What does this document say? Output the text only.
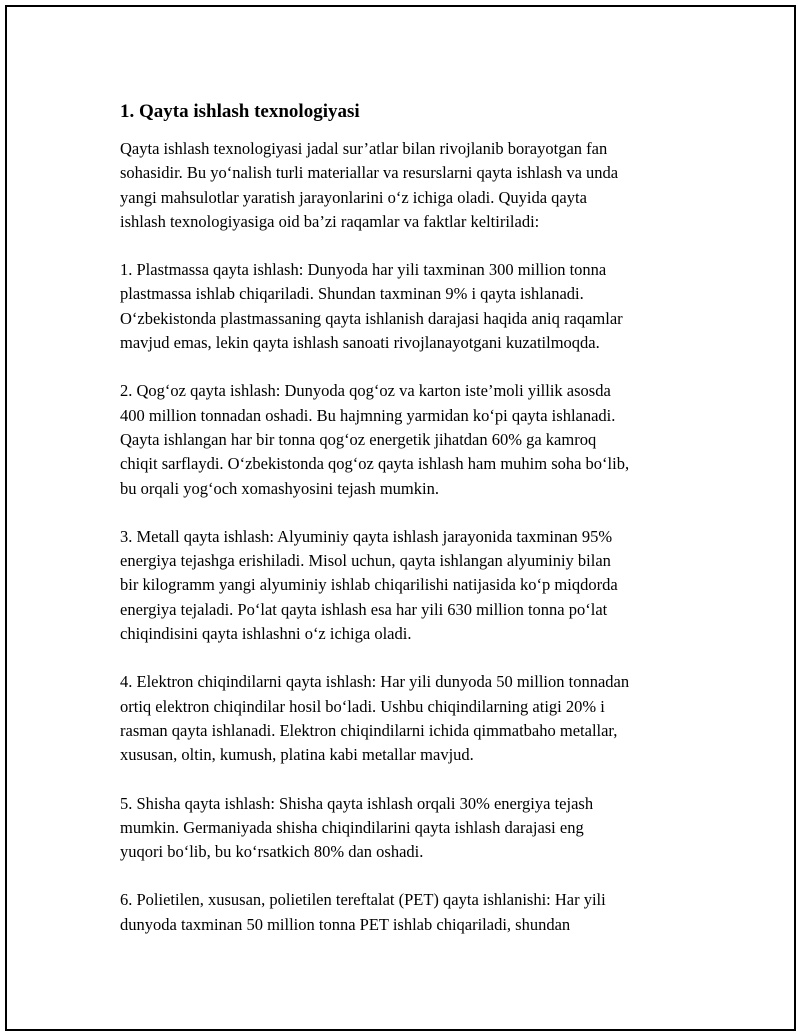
1. Qayta ishlash texnologiyasi

Qayta ishlash texnologiyasi jadal sur’atlar bilan rivojlanib borayotgan fan
sohasidir. Bu yo‘nalish turli materiallar va resurslarni qayta ishlash va unda
yangi mahsulotlar yaratish jarayonlarini o‘z ichiga oladi. Quyida qayta
ishlash texnologiyasiga oid ba’zi raqamlar va faktlar keltiriladi:

1. Plastmassa qayta ishlash: Dunyoda har yili taxminan 300 million tonna
plastmassa ishlab chiqariladi. Shundan taxminan 9% i qayta ishlanadi.
O‘zbekistonda plastmassaning qayta ishlanish darajasi haqida aniq raqamlar
mavjud emas, lekin qayta ishlash sanoati rivojlanayotgani kuzatilmoqda.

2. Qog‘oz qayta ishlash: Dunyoda qog‘oz va karton iste’moli yillik asosda
400 million tonnadan oshadi. Bu hajmning yarmidan ko‘pi qayta ishlanadi.
Qayta ishlangan har bir tonna qog‘oz energetik jihatdan 60% ga kamroq
chiqit sarflaydi. O‘zbekistonda qog‘oz qayta ishlash ham muhim soha bo‘lib,
bu orqali yog‘och xomashyosini tejash mumkin.

3. Metall qayta ishlash: Alyuminiy qayta ishlash jarayonida taxminan 95%
energiya tejashga erishiladi. Misol uchun, qayta ishlangan alyuminiy bilan
bir kilogramm yangi alyuminiy ishlab chiqarilishi natijasida ko‘p miqdorda
energiya tejaladi. Po‘lat qayta ishlash esa har yili 630 million tonna po‘lat
chiqindisini qayta ishlashni o‘z ichiga oladi.

4. Elektron chiqindilarni qayta ishlash: Har yili dunyoda 50 million tonnadan
ortiq elektron chiqindilar hosil bo‘ladi. Ushbu chiqindilarning atigi 20% i
rasman qayta ishlanadi. Elektron chiqindilarni ichida qimmatbaho metallar,
xususan, oltin, kumush, platina kabi metallar mavjud.

5. Shisha qayta ishlash: Shisha qayta ishlash orqali 30% energiya tejash
mumkin. Germaniyada shisha chiqindilarini qayta ishlash darajasi eng
yuqori bo‘lib, bu ko‘rsatkich 80% dan oshadi.

6. Polietilen, xususan, polietilen tereftalat (PET) qayta ishlanishi: Har yili
dunyoda taxminan 50 million tonna PET ishlab chiqariladi, shundan
